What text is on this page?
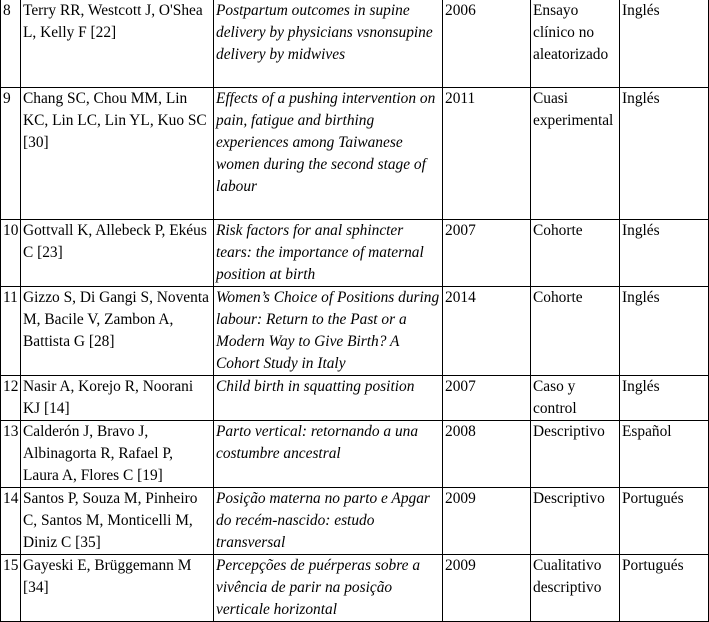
8	Terry RR, Westcott J, O'Shea L, Kelly F [22]	Postpartum outcomes in supine delivery by physicians vsnonsupine delivery by midwives	2006	Ensayo clínico no aleatorizado	Inglés
9	Chang SC, Chou MM, Lin KC, Lin LC, Lin YL, Kuo SC [30]	Effects of a pushing intervention on pain, fatigue and birthing experiences among Taiwanese women during the second stage of labour	2011	Cuasi experimental	Inglés
10	Gottvall K, Allebeck P, Ekéus C [23]	Risk factors for anal sphincter tears: the importance of maternal position at birth	2007	Cohorte	Inglés
11	Gizzo S, Di Gangi S, Noventa M, Bacile V, Zambon A, Battista G [28]	Women’s Choice of Positions during labour: Return to the Past or a Modern Way to Give Birth? A Cohort Study in Italy	2014	Cohorte	Inglés
12	Nasir A, Korejo R, Noorani KJ [14]	Child birth in squatting position	2007	Caso y control	Inglés
13	Calderón J, Bravo J, Albinagorta R, Rafael P, Laura A, Flores C [19]	Parto vertical: retornando a una costumbre ancestral	2008	Descriptivo	Español
14	Santos P, Souza M, Pinheiro C, Santos M, Monticelli M, Diniz C [35]	Posição materna no parto e Apgar do recém-nascido: estudo transversal	2009	Descriptivo	Portugués
15	Gayeski E, Brüggemann M [34]	Percepções de puérperas sobre a vivência de parir na posição verticale horizontal	2009	Cualitativo descriptivo	Portugués
